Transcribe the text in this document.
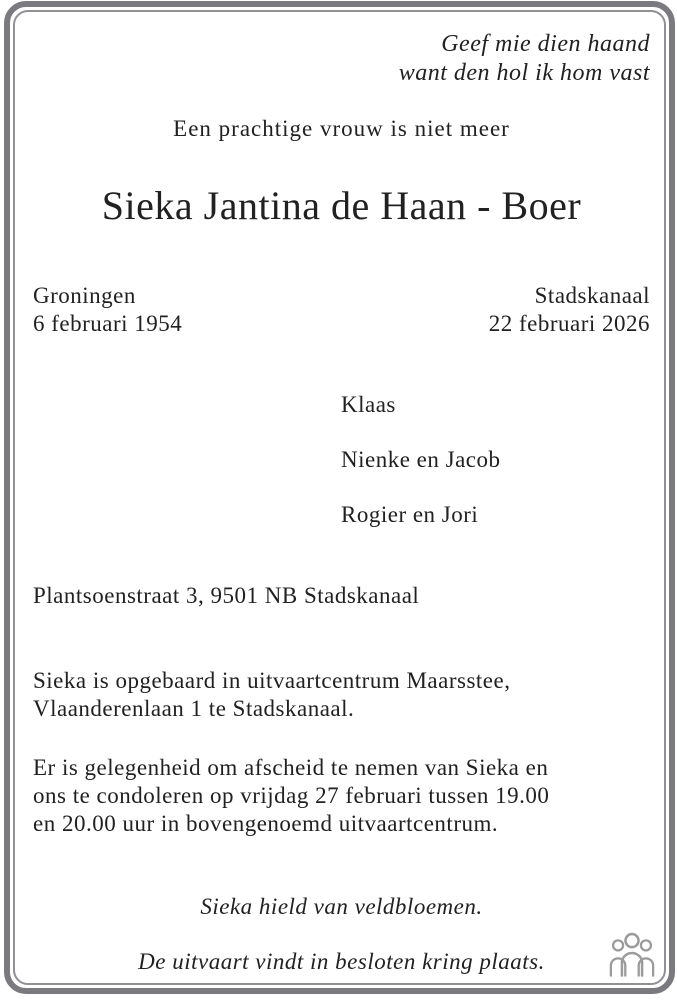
Geef mie dien haand
want den hol ik hom vast
Een prachtige vrouw is niet meer
Sieka Jantina de Haan - Boer
Groningen
6 februari 1954
Stadskanaal
22 februari 2026
Klaas
Nienke en Jacob
Rogier en Jori
Plantsoenstraat 3, 9501 NB Stadskanaal
Sieka is opgebaard in uitvaartcentrum Maarsstee,
Vlaanderenlaan 1 te Stadskanaal.
Er is gelegenheid om afscheid te nemen van Sieka en
ons te condoleren op vrijdag 27 februari tussen 19.00
en 20.00 uur in bovengenoemd uitvaartcentrum.
Sieka hield van veldbloemen.
De uitvaart vindt in besloten kring plaats.
